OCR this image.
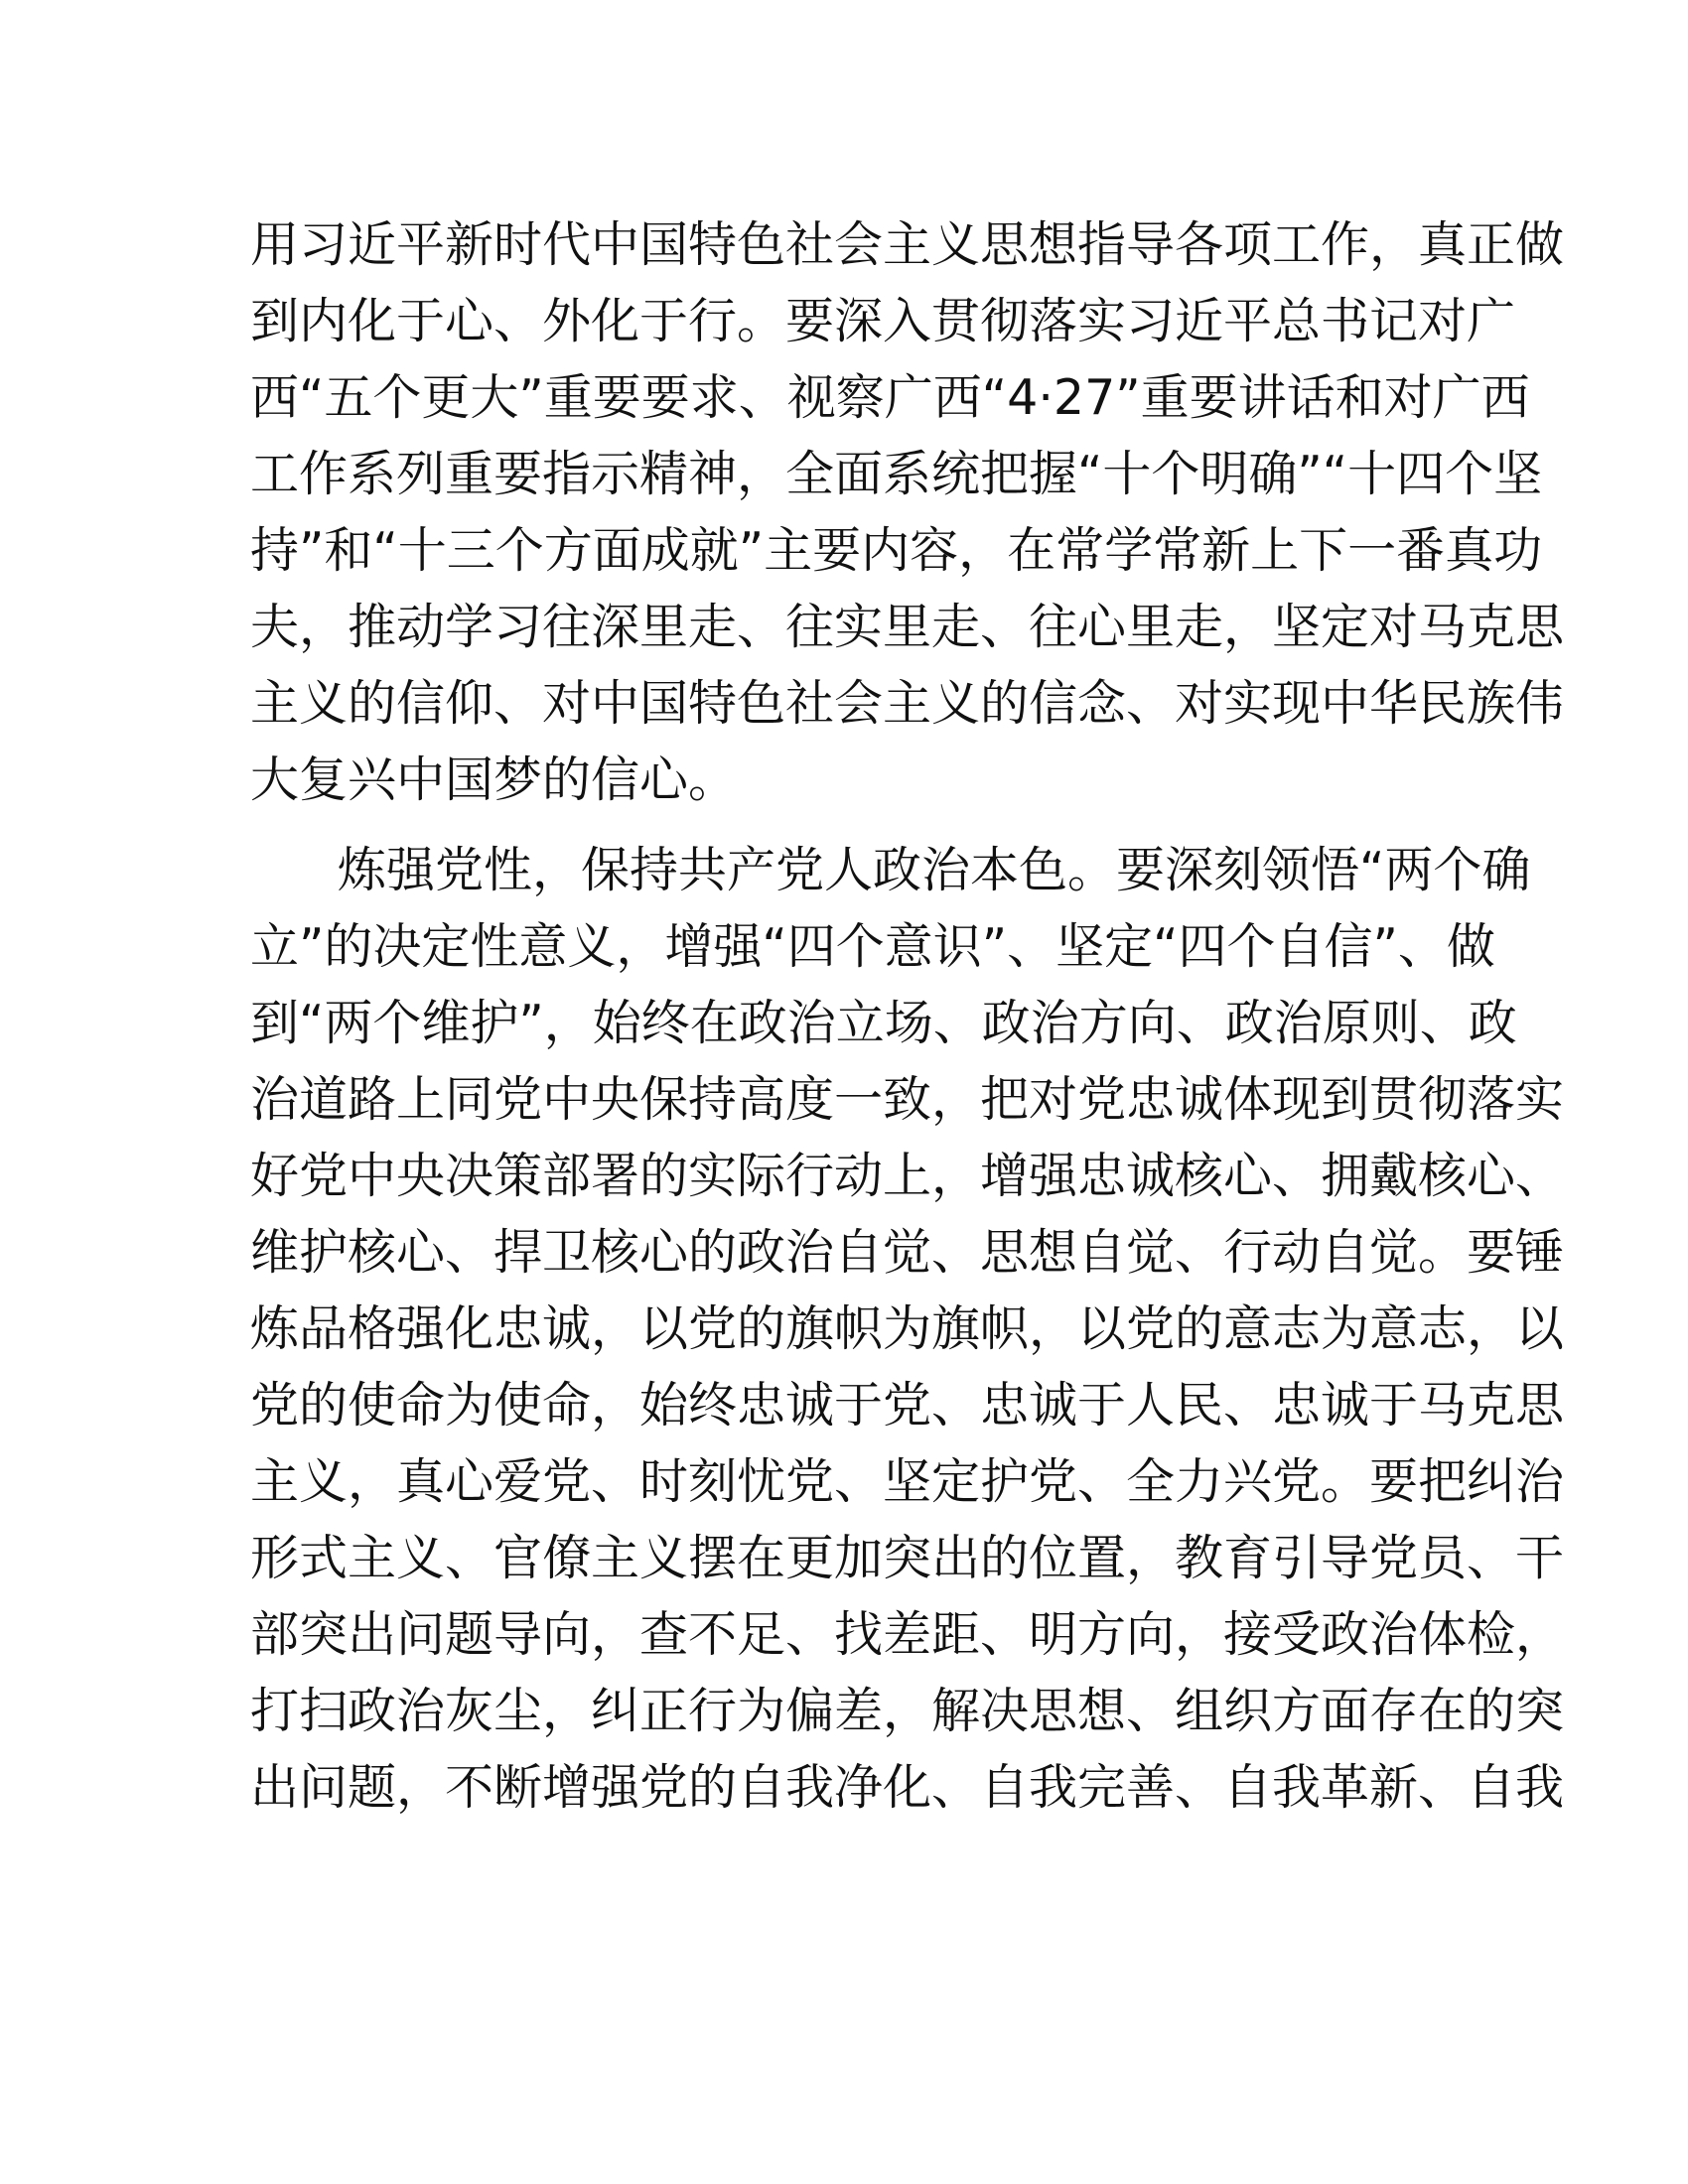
用习近平新时代中国特色社会主义思想指导各项工作，真正做
到内化于心、外化于行。要深入贯彻落实习近平总书记对广
西“五个更大”重要要求、视察广西“4·27”重要讲话和对广西
工作系列重要指示精神，全面系统把握“十个明确”“十四个坚
持”和“十三个方面成就”主要内容，在常学常新上下一番真功
夫，推动学习往深里走、往实里走、往心里走，坚定对马克思
主义的信仰、对中国特色社会主义的信念、对实现中华民族伟
大复兴中国梦的信心。
炼强党性，保持共产党人政治本色。要深刻领悟“两个确
立”的决定性意义，增强“四个意识”、坚定“四个自信”、做
到“两个维护”，始终在政治立场、政治方向、政治原则、政
治道路上同党中央保持高度一致，把对党忠诚体现到贯彻落实
好党中央决策部署的实际行动上，增强忠诚核心、拥戴核心、
维护核心、捍卫核心的政治自觉、思想自觉、行动自觉。要锤
炼品格强化忠诚，以党的旗帜为旗帜，以党的意志为意志，以
党的使命为使命，始终忠诚于党、忠诚于人民、忠诚于马克思
主义，真心爱党、时刻忧党、坚定护党、全力兴党。要把纠治
形式主义、官僚主义摆在更加突出的位置，教育引导党员、干
部突出问题导向，查不足、找差距、明方向，接受政治体检，
打扫政治灰尘，纠正行为偏差，解决思想、组织方面存在的突
出问题，不断增强党的自我净化、自我完善、自我革新、自我
